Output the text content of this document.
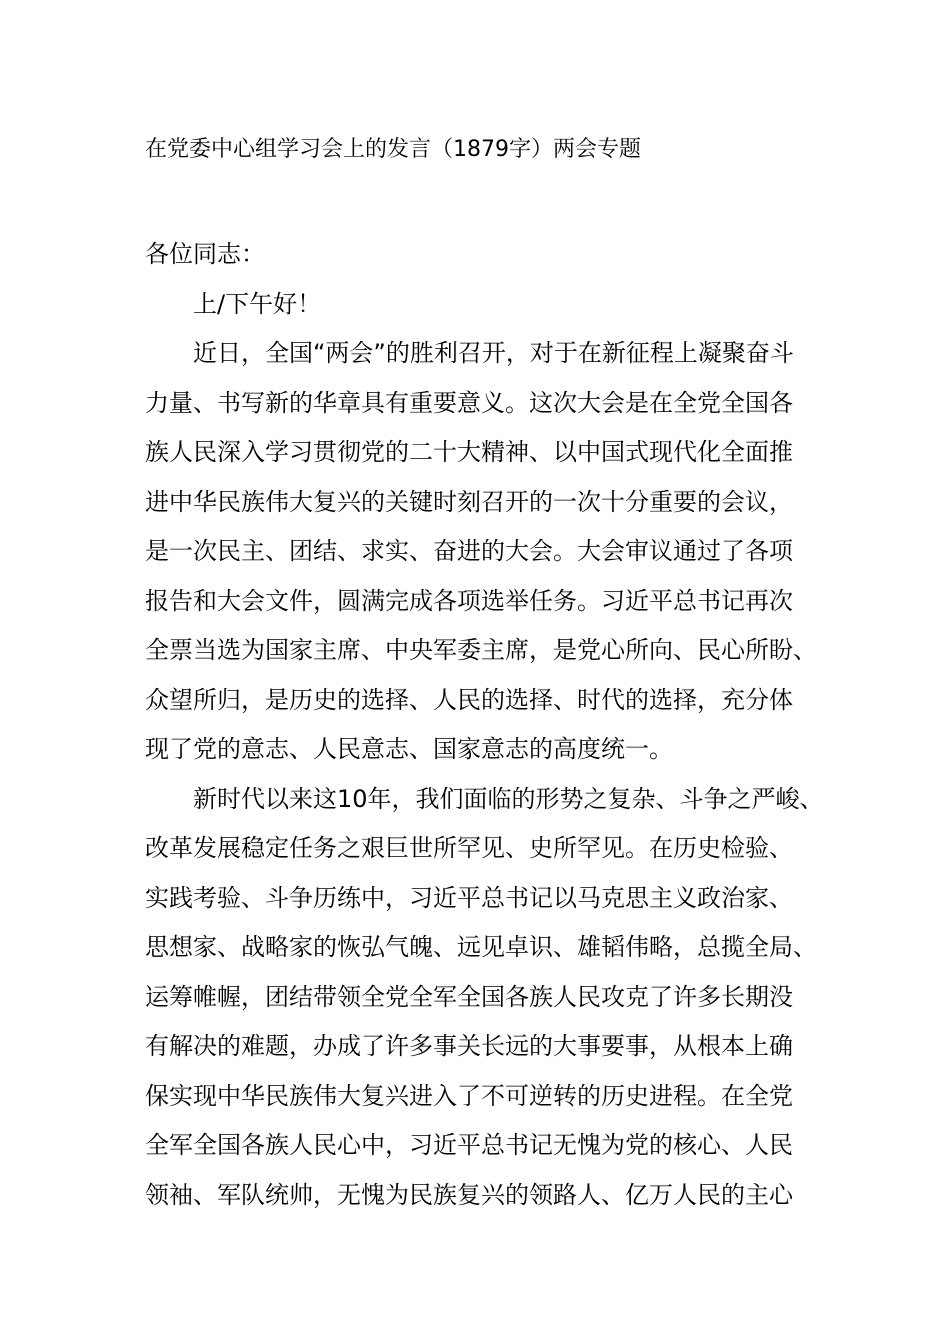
在党委中心组学习会上的发言（1879字）两会专题
各位同志：
　　上/下午好！
　　近日，全国“两会”的胜利召开，对于在新征程上凝聚奋斗
力量、书写新的华章具有重要意义。这次大会是在全党全国各
族人民深入学习贯彻党的二十大精神、以中国式现代化全面推
进中华民族伟大复兴的关键时刻召开的一次十分重要的会议，
是一次民主、团结、求实、奋进的大会。大会审议通过了各项
报告和大会文件，圆满完成各项选举任务。习近平总书记再次
全票当选为国家主席、中央军委主席，是党心所向、民心所盼、
众望所归，是历史的选择、人民的选择、时代的选择，充分体
现了党的意志、人民意志、国家意志的高度统一。
　　新时代以来这10年，我们面临的形势之复杂、斗争之严峻、
改革发展稳定任务之艰巨世所罕见、史所罕见。在历史检验、
实践考验、斗争历练中，习近平总书记以马克思主义政治家、
思想家、战略家的恢弘气魄、远见卓识、雄韬伟略，总揽全局、
运筹帷幄，团结带领全党全军全国各族人民攻克了许多长期没
有解决的难题，办成了许多事关长远的大事要事，从根本上确
保实现中华民族伟大复兴进入了不可逆转的历史进程。在全党
全军全国各族人民心中，习近平总书记无愧为党的核心、人民
领袖、军队统帅，无愧为民族复兴的领路人、亿万人民的主心
